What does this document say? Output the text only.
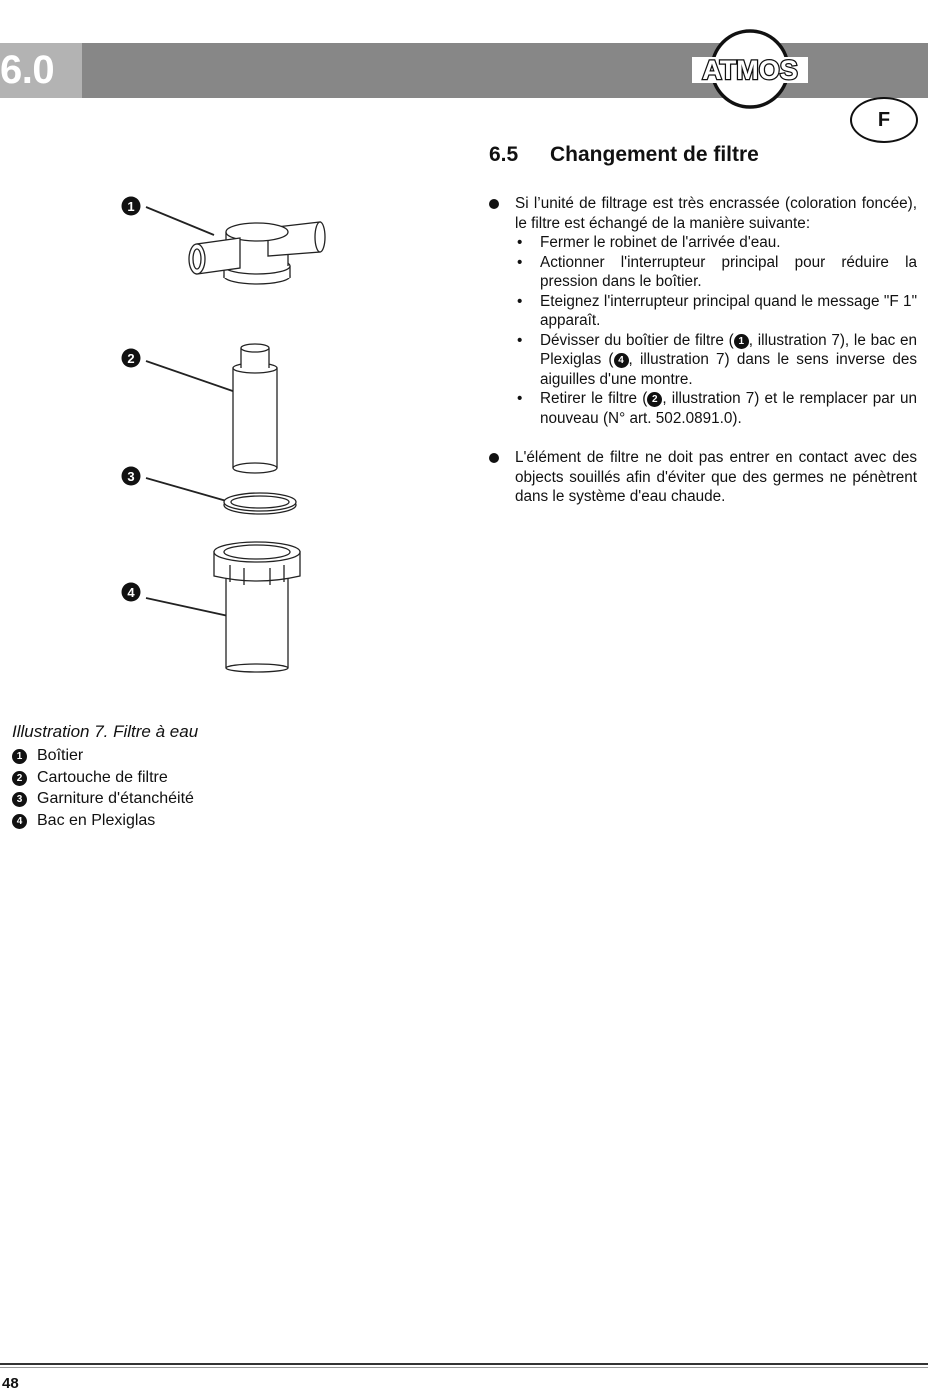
6.0	ATMOS
F
6.5 Changement de filtre

Si l’unité de filtrage est très encrassée (coloration foncée), le filtre est échangé de la manière suivante:

• Fermer le robinet de l'arrivée d'eau.
• Actionner l'interrupteur principal pour réduire la pression dans le boîtier.
• Eteignez l'interrupteur principal quand le message "F 1" apparaît.
• Dévisser du boîtier de filtre ( 1 , illustration 7), le bac en Plexiglas ( 4 , illustration 7) dans le sens inverse des aiguilles d'une montre.
• Retirer le filtre ( 2 , illustration 7) et le remplacer par un nouveau (N° art. 502.0891.0).

L'élément de filtre ne doit pas entrer en contact avec des objects souillés afin d'éviter que des germes ne pénètrent dans le système d'eau chaude.

1
2
3
4
Illustration 7. Filtre à eau
1 Boîtier
2 Cartouche de filtre
3 Garniture d'étanchéité
4 Bac en Plexiglas
48
